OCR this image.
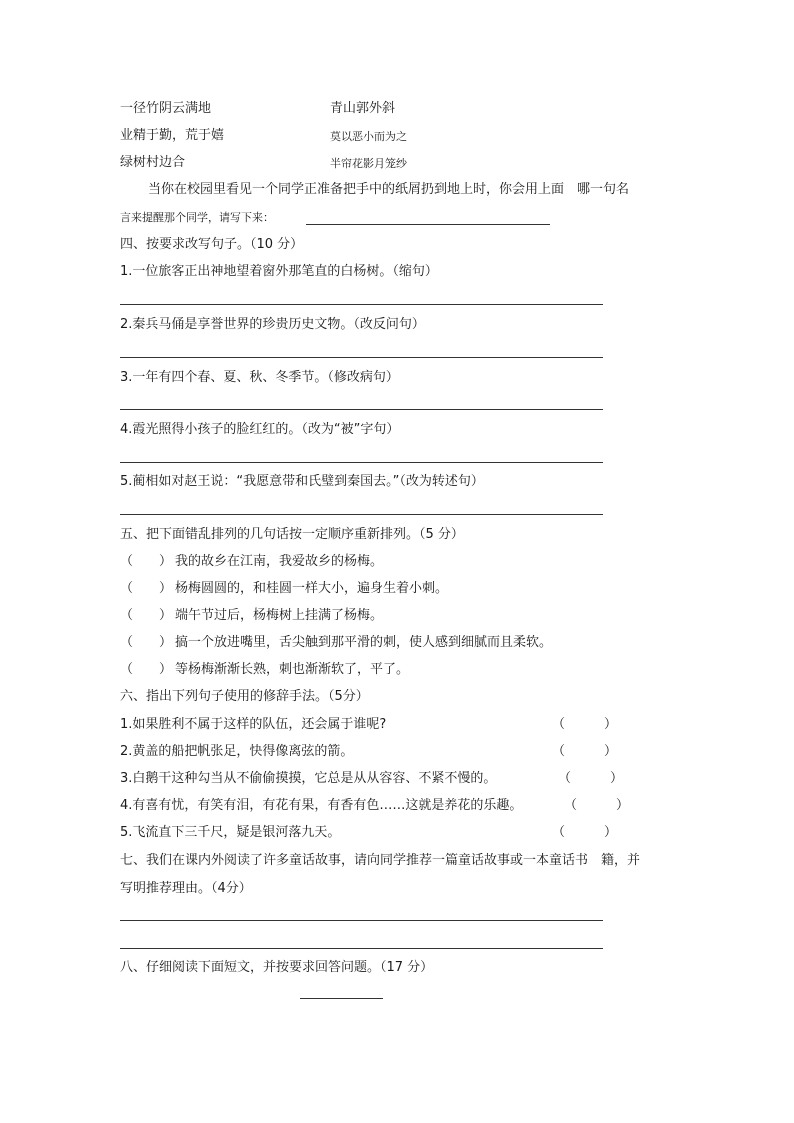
一径竹阴云满地	青山郭外斜
业精于勤，荒于嬉	莫以恶小而为之
绿树村边合	半帘花影月笼纱
当你在校园里看见一个同学正准备把手中的纸屑扔到地上时，你会用上面　哪一句名
言来提醒那个同学，请写下来：
四、按要求改写句子。（10 分）
1.一位旅客正出神地望着窗外那笔直的白杨树。（缩句）
2.秦兵马俑是享誉世界的珍贵历史文物。（改反问句）
3.一年有四个春、夏、秋、冬季节。（修改病句）
4.霞光照得小孩子的脸红红的。（改为“被”字句）
5.蔺相如对赵王说：“我愿意带和氏璧到秦国去。”（改为转述句）
五、把下面错乱排列的几句话按一定顺序重新排列。（5 分）
（　　） 我的故乡在江南，我爱故乡的杨梅。
（　　） 杨梅圆圆的，和桂圆一样大小，遍身生着小刺。
（　　） 端午节过后，杨梅树上挂满了杨梅。
（　　） 搞一个放进嘴里，舌尖触到那平滑的刺，使人感到细腻而且柔软。
（　　） 等杨梅渐渐长熟，刺也渐渐软了，平了。
六、指出下列句子使用的修辞手法。（5分）
1.如果胜利不属于这样的队伍，还会属于谁呢?	（　　　）
2.黄盖的船把帆张足，快得像离弦的箭。	（　　　）
3.白鹅干这种勾当从不偷偷摸摸，它总是从从容容、不紧不慢的。	（　　　）
4.有喜有忧，有笑有泪，有花有果，有香有色……这就是养花的乐趣。	（　　　）
5.飞流直下三千尺，疑是银河落九天。	（　　　）
七、我们在课内外阅读了许多童话故事，请向同学推荐一篇童话故事或一本童话书　籍，并
写明推荐理由。（4分）
八、仔细阅读下面短文，并按要求回答问题。（17 分）
